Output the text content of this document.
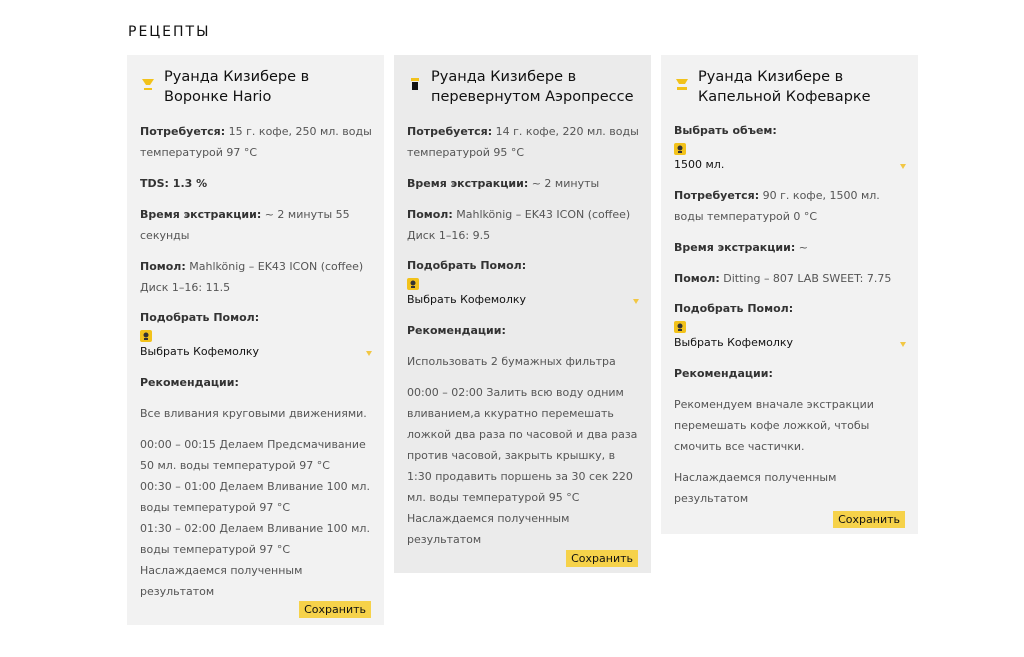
РЕЦЕПТЫ
Руанда Кизибере в Воронке Hario

Потребуется: 15 г. кофе, 250 мл. воды температурой 97 °C

TDS: 1.3 %

Время экстракции: ~ 2 минуты 55 секунды

Помол: Mahlkönig – EK43 ICON (coffee) Диск 1–16: 11.5

Подобрать Помол:
Выбрать Кофемолку

Рекомендации:

Все вливания круговыми движениями.

00:00 – 00:15 Делаем Предсмачивание 50 мл. воды температурой 97 °C

00:30 – 01:00 Делаем Вливание 100 мл. воды температурой 97 °C

01:30 – 02:00 Делаем Вливание 100 мл. воды температурой 97 °C

Наслаждаемся полученным результатом

Сохранить
Руанда Кизибере в перевернутом Аэропрессе

Потребуется: 14 г. кофе, 220 мл. воды температурой 95 °C

Время экстракции: ~ 2 минуты

Помол: Mahlkönig – EK43 ICON (coffee) Диск 1–16: 9.5

Подобрать Помол:
Выбрать Кофемолку

Рекомендации:

Использовать 2 бумажных фильтра

00:00 – 02:00 Залить всю воду одним вливанием,а ккуратно перемешать ложкой два раза по часовой и два раза против часовой, закрыть крышку, в 1:30 продавить поршень за 30 сек 220 мл. воды температурой 95 °C

Наслаждаемся полученным результатом

Сохранить
Руанда Кизибере в Капельной Кофеварке
Выбрать объем:
1500 мл.

Потребуется: 90 г. кофе, 1500 мл. воды температурой 0 °C

Время экстракции: ~

Помол: Ditting – 807 LAB SWEET: 7.75

Подобрать Помол:
Выбрать Кофемолку

Рекомендации:

Рекомендуем вначале экстракции перемешать кофе ложкой, чтобы смочить все частички.

Наслаждаемся полученным результатом

Сохранить
